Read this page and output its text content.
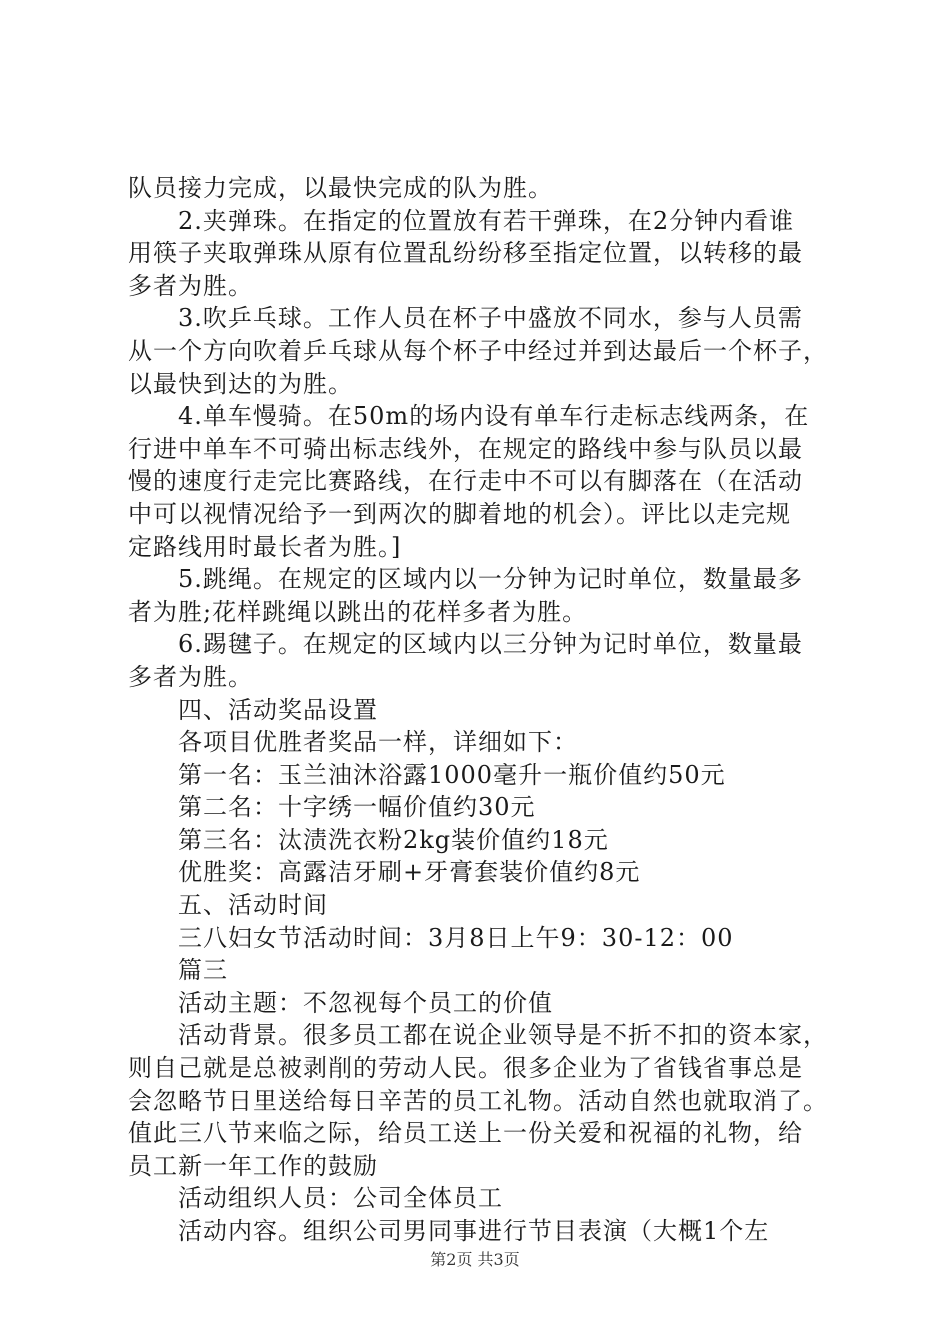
队员接力完成，以最快完成的队为胜。

2.夹弹珠。在指定的位置放有若干弹珠，在2分钟内看谁

用筷子夹取弹珠从原有位置乱纷纷移至指定位置，以转移的最

多者为胜。

3.吹乒乓球。工作人员在杯子中盛放不同水，参与人员需

从一个方向吹着乒乓球从每个杯子中经过并到达最后一个杯子，

以最快到达的为胜。

4.单车慢骑。在50m的场内设有单车行走标志线两条，在

行进中单车不可骑出标志线外，在规定的路线中参与队员以最

慢的速度行走完比赛路线，在行走中不可以有脚落在（在活动

中可以视情况给予一到两次的脚着地的机会）。评比以走完规

定路线用时最长者为胜。]

5.跳绳。在规定的区域内以一分钟为记时单位，数量最多

者为胜;花样跳绳以跳出的花样多者为胜。

6.踢毽子。在规定的区域内以三分钟为记时单位，数量最

多者为胜。

四、活动奖品设置

各项目优胜者奖品一样，详细如下：

第一名：玉兰油沐浴露1000毫升一瓶价值约50元

第二名：十字绣一幅价值约30元

第三名：汰渍洗衣粉2kg装价值约18元

优胜奖：高露洁牙刷+牙膏套装价值约8元

五、活动时间

三八妇女节活动时间：3月8日上午9：30-12：00

篇三

活动主题：不忽视每个员工的价值

活动背景。很多员工都在说企业领导是不折不扣的资本家，

则自己就是总被剥削的劳动人民。很多企业为了省钱省事总是

会忽略节日里送给每日辛苦的员工礼物。活动自然也就取消了。

值此三八节来临之际，给员工送上一份关爱和祝福的礼物，给

员工新一年工作的鼓励

活动组织人员：公司全体员工

活动内容。组织公司男同事进行节目表演（大概1个左

第2页 共3页
